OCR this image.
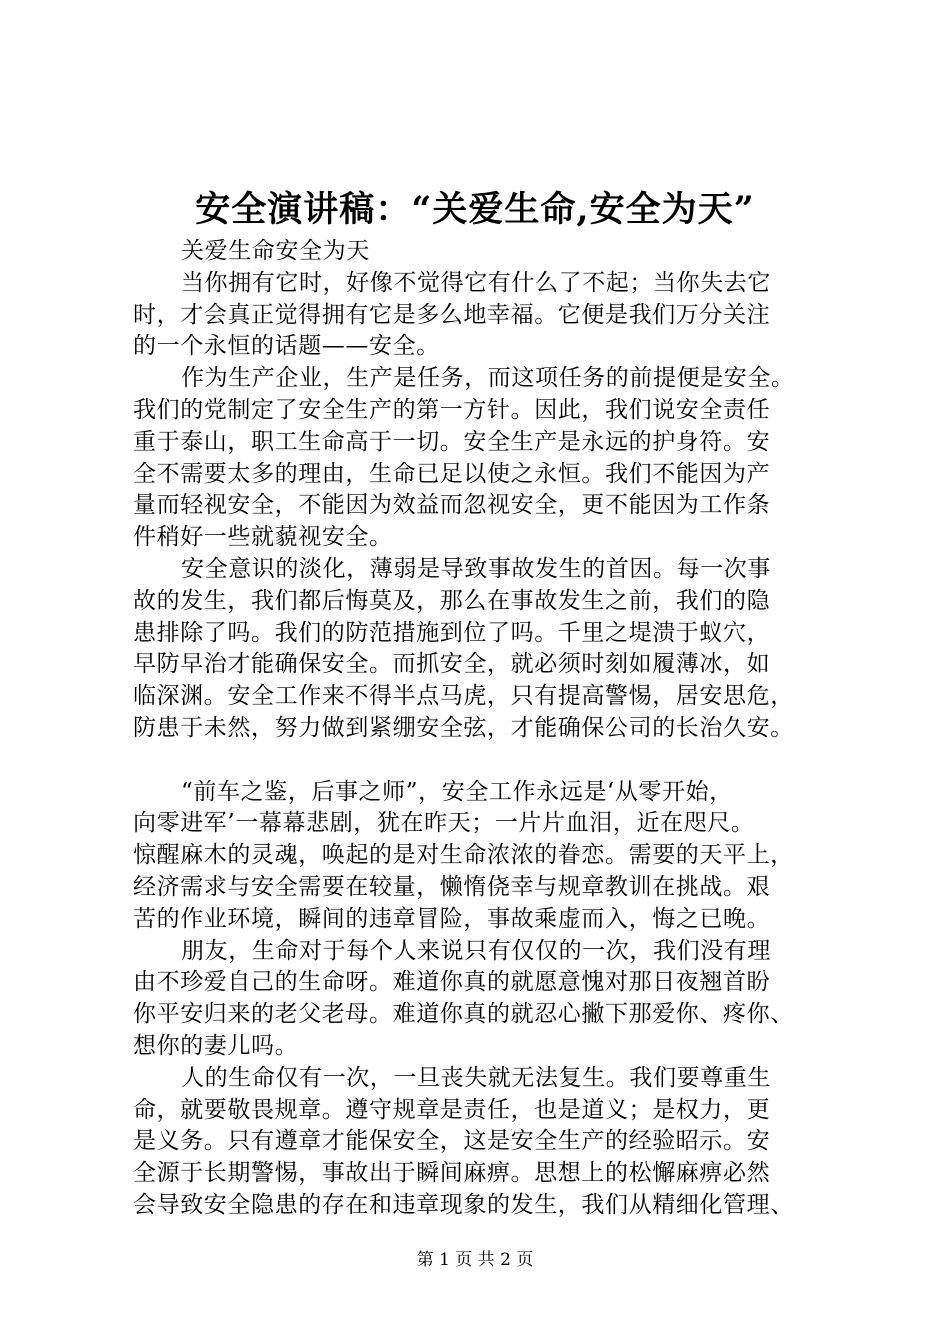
安全演讲稿：“关爱生命,安全为天”
关爱生命安全为天
当你拥有它时，好像不觉得它有什么了不起；当你失去它
时，才会真正觉得拥有它是多么地幸福。它便是我们万分关注
的一个永恒的话题——安全。
作为生产企业，生产是任务，而这项任务的前提便是安全。
我们的党制定了安全生产的第一方针。因此，我们说安全责任
重于泰山，职工生命高于一切。安全生产是永远的护身符。安
全不需要太多的理由，生命已足以使之永恒。我们不能因为产
量而轻视安全，不能因为效益而忽视安全，更不能因为工作条
件稍好一些就藐视安全。
安全意识的淡化，薄弱是导致事故发生的首因。每一次事
故的发生，我们都后悔莫及，那么在事故发生之前，我们的隐
患排除了吗。我们的防范措施到位了吗。千里之堤溃于蚁穴，
早防早治才能确保安全。而抓安全，就必须时刻如履薄冰，如
临深渊。安全工作来不得半点马虎，只有提高警惕，居安思危，
防患于未然，努力做到紧绷安全弦，才能确保公司的长治久安。
“前车之鉴，后事之师”，安全工作永远是‘从零开始，
向零进军’一幕幕悲剧，犹在昨天；一片片血泪，近在咫尺。
惊醒麻木的灵魂，唤起的是对生命浓浓的眷恋。需要的天平上，
经济需求与安全需要在较量，懒惰侥幸与规章教训在挑战。艰
苦的作业环境，瞬间的违章冒险，事故乘虚而入，悔之已晚。
朋友，生命对于每个人来说只有仅仅的一次，我们没有理
由不珍爱自己的生命呀。难道你真的就愿意愧对那日夜翘首盼
你平安归来的老父老母。难道你真的就忍心撇下那爱你、疼你、
想你的妻儿吗。
人的生命仅有一次，一旦丧失就无法复生。我们要尊重生
命，就要敬畏规章。遵守规章是责任，也是道义；是权力，更
是义务。只有遵章才能保安全，这是安全生产的经验昭示。安
全源于长期警惕，事故出于瞬间麻痹。思想上的松懈麻痹必然
会导致安全隐患的存在和违章现象的发生，我们从精细化管理、
第 1 页 共 2 页
